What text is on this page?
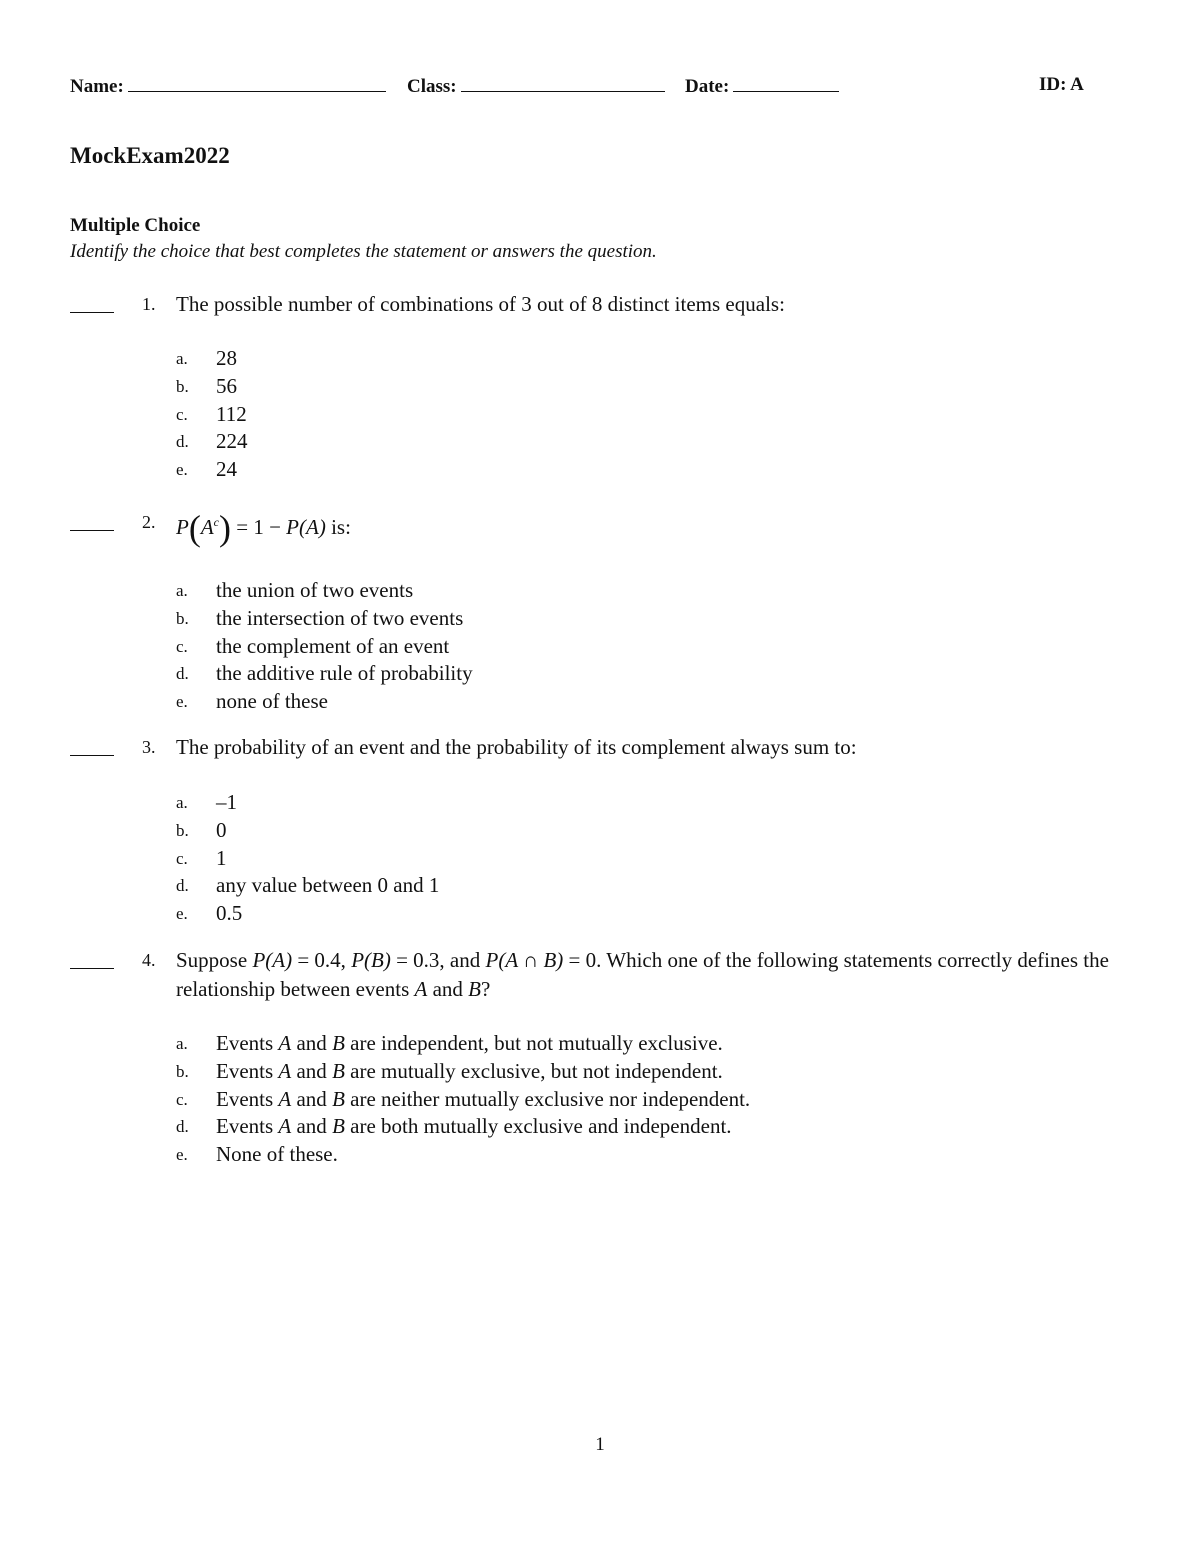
Name:	Class:	Date:	ID: A
MockExam2022
Multiple Choice
Identify the choice that best completes the statement or answers the question.
1. The possible number of combinations of 3 out of 8 distinct items equals:
a.	28
b.	56
c.	112
d.	224
e.	24
2. $P(A^c) = 1 - P(A)$ is:
a.	the union of two events
b.	the intersection of two events
c.	the complement of an event
d.	the additive rule of probability
e.	none of these
3. The probability of an event and the probability of its complement always sum to:
a.	–1
b.	0
c.	1
d.	any value between 0 and 1
e.	0.5
4. Suppose P(A) = 0.4, P(B) = 0.3, and P(A ∩ B) = 0. Which one of the following statements correctly defines the relationship between events A and B?
a.	Events A and B are independent, but not mutually exclusive.
b.	Events A and B are mutually exclusive, but not independent.
c.	Events A and B are neither mutually exclusive nor independent.
d.	Events A and B are both mutually exclusive and independent.
e.	None of these.
1
